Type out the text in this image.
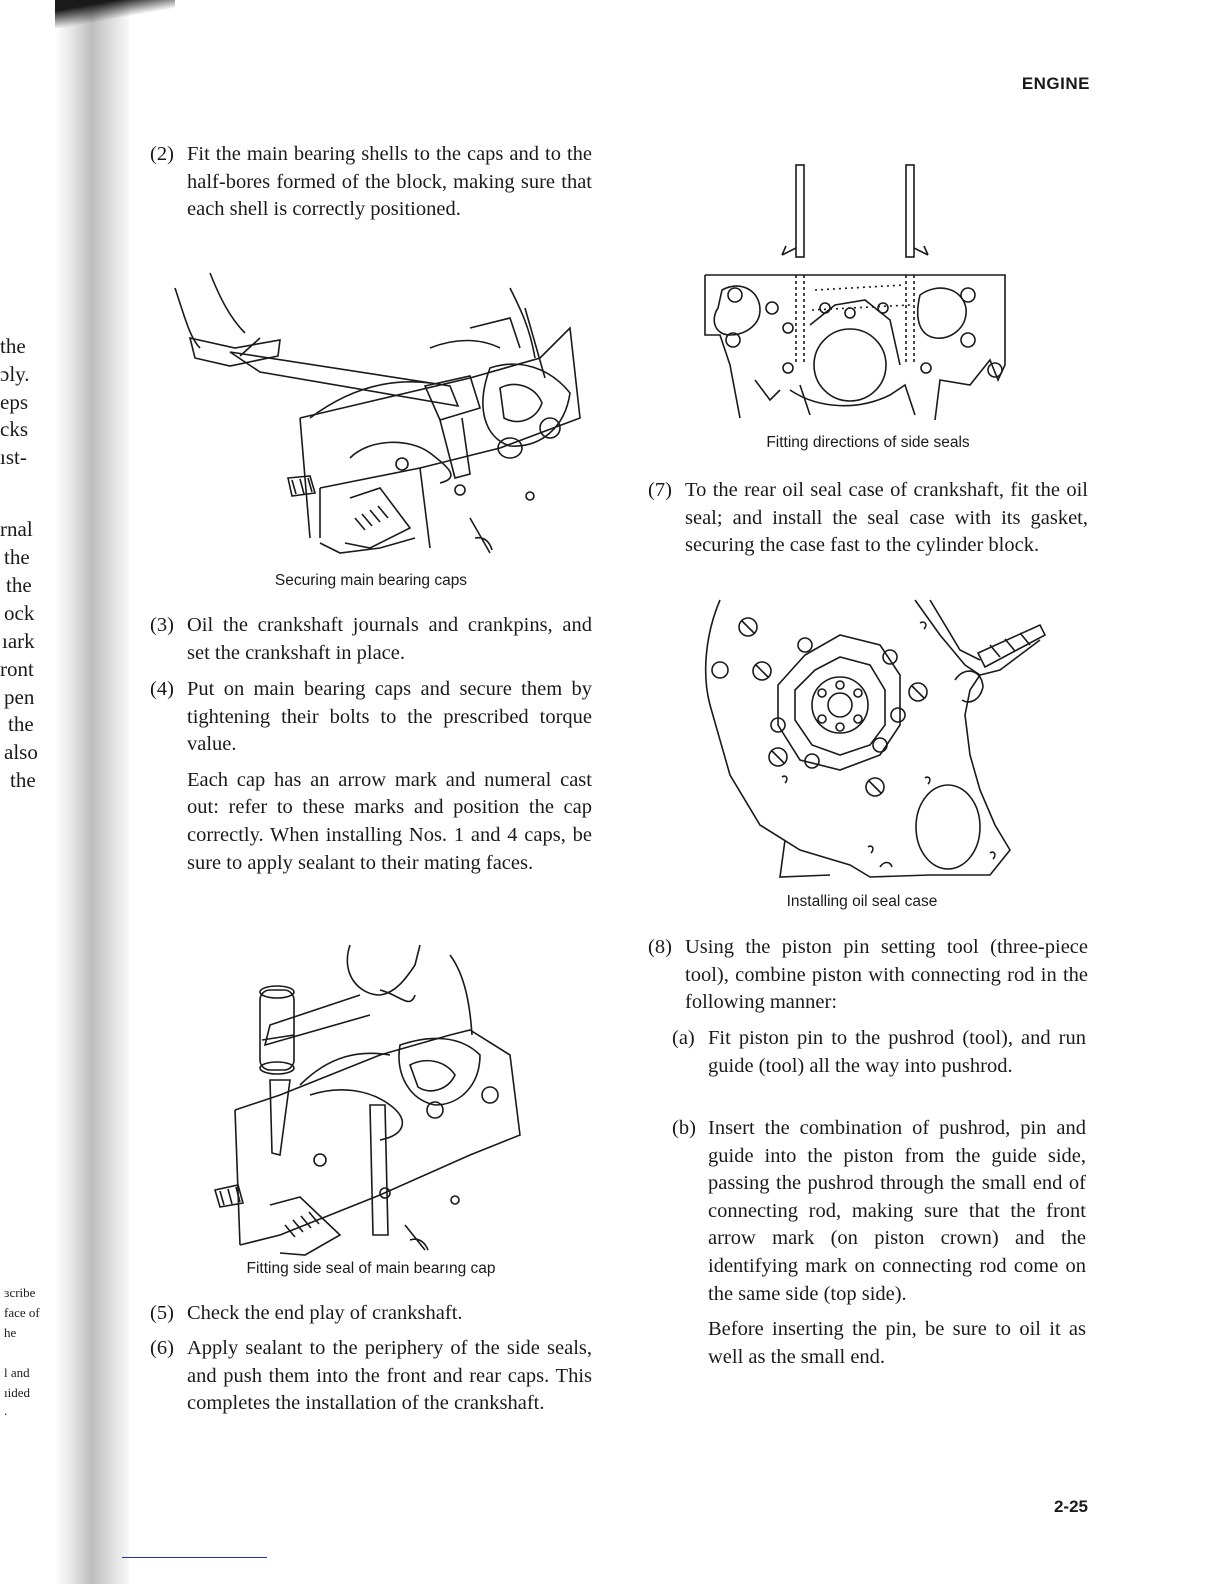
the
ɔly.
eps
cks
ıst-
rnal
the
the
ock
ıark
ront
pen
the
also
the
ɜcribe
face of
he
l and
ıided
.
ENGINE

(2) Fit the main bearing shells to the caps and to the half-bores formed of the block, making sure that each shell is correctly positioned.

Securing main bearing caps

(3) Oil the crankshaft journals and crankpins, and set the crankshaft in place.

(4) Put on main bearing caps and secure them by tightening their bolts to the prescribed torque value.

Each cap has an arrow mark and numeral cast out: refer to these marks and position the cap correctly. When installing Nos. 1 and 4 caps, be sure to apply sealant to their mating faces.

Fitting side seal of main bearıng cap

(5) Check the end play of crankshaft.

(6) Apply sealant to the periphery of the side seals, and push them into the front and rear caps. This completes the installation of the crankshaft.

Fitting directions of side seals

(7) To the rear oil seal case of crankshaft, fit the oil seal; and install the seal case with its gasket, securing the case fast to the cylinder block.

Installing oil seal case

(8) Using the piston pin setting tool (three-piece tool), combine piston with connecting rod in the following manner:

(a) Fit piston pin to the pushrod (tool), and run guide (tool) all the way into pushrod.

(b) Insert the combination of pushrod, pin and guide into the piston from the guide side, passing the pushrod through the small end of connecting rod, making sure that the front arrow mark (on piston crown) and the identifying mark on connecting rod come on the same side (top side).

Before inserting the pin, be sure to oil it as well as the small end.

2-25
